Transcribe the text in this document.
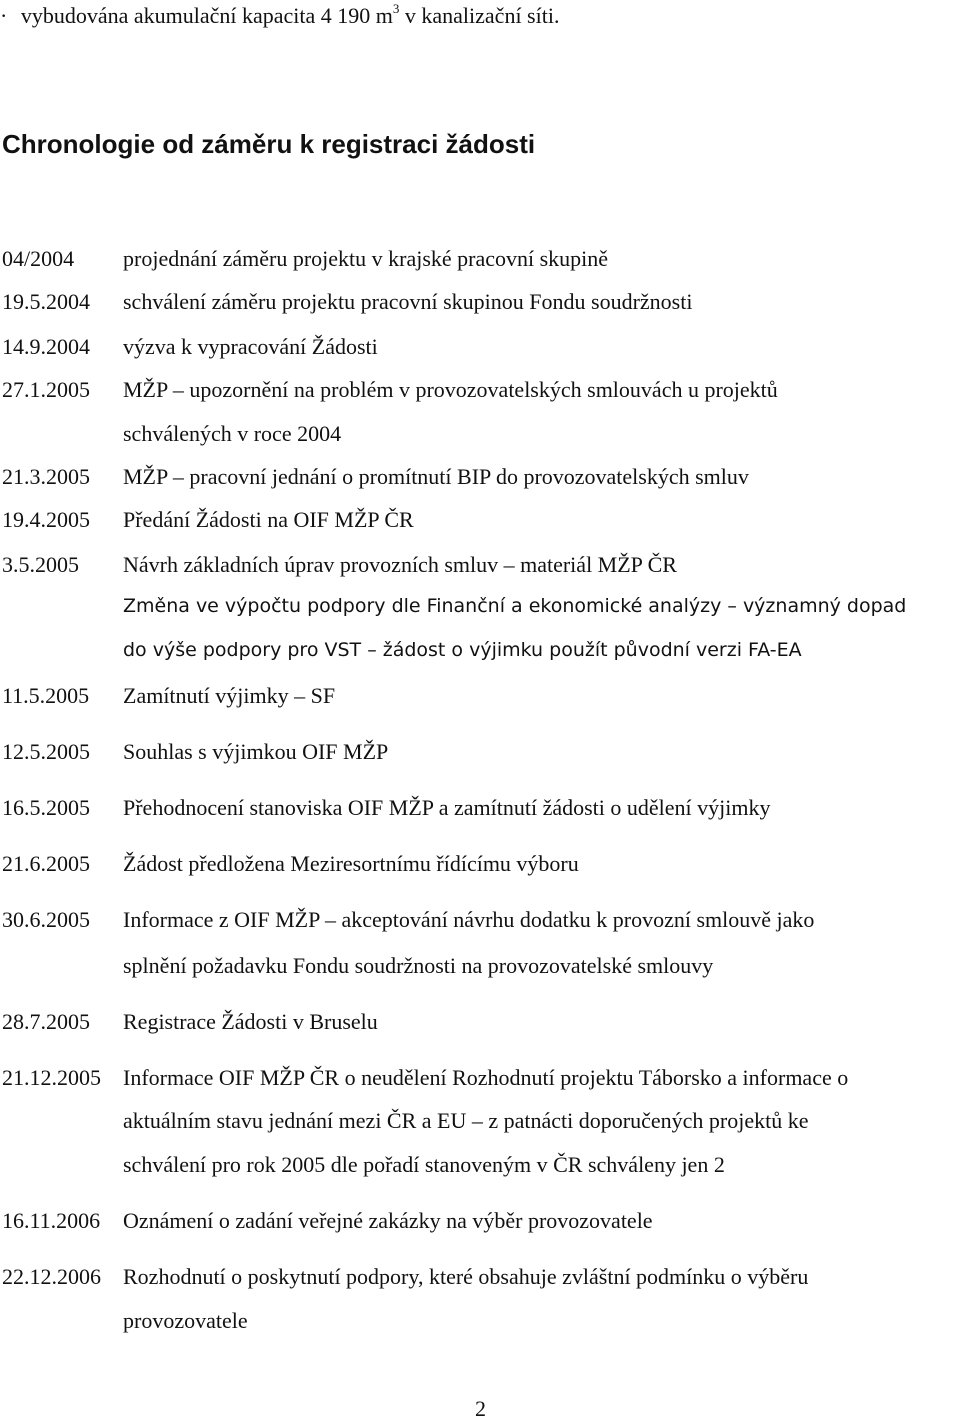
· vybudována akumulační kapacita 4 190 $m^3$ v kanalizační síti.
Chronologie od záměru k registraci žádosti
04/2004 projednání záměru projektu v krajské pracovní skupině
19.5.2004 schválení záměru projektu pracovní skupinou Fondu soudržnosti
14.9.2004 výzva k vypracování Žádosti
27.1.2005 MŽP – upozornění na problém v provozovatelských smlouvách u projektů
schválených v roce 2004
21.3.2005 MŽP – pracovní jednání o promítnutí BIP do provozovatelských smluv
19.4.2005 Předání Žádosti na OIF MŽP ČR
3.5.2005 Návrh základních úprav provozních smluv – materiál MŽP ČR
Změna ve výpočtu podpory dle Finanční a ekonomické analýzy – významný dopad
do výše podpory pro VST – žádost o výjimku použít původní verzi FA-EA
11.5.2005 Zamítnutí výjimky – SF
12.5.2005 Souhlas s výjimkou OIF MŽP
16.5.2005 Přehodnocení stanoviska OIF MŽP a zamítnutí žádosti o udělení výjimky
21.6.2005 Žádost předložena Meziresortnímu řídícímu výboru
30.6.2005 Informace z OIF MŽP – akceptování návrhu dodatku k provozní smlouvě jako
splnění požadavku Fondu soudržnosti na provozovatelské smlouvy
28.7.2005 Registrace Žádosti v Bruselu
21.12.2005 Informace OIF MŽP ČR o neudělení Rozhodnutí projektu Táborsko a informace o
aktuálním stavu jednání mezi ČR a EU – z patnácti doporučených projektů ke
schválení pro rok 2005 dle pořadí stanoveným v ČR schváleny jen 2
16.11.2006 Oznámení o zadání veřejné zakázky na výběr provozovatele
22.12.2006 Rozhodnutí o poskytnutí podpory, které obsahuje zvláštní podmínku o výběru
provozovatele
2
